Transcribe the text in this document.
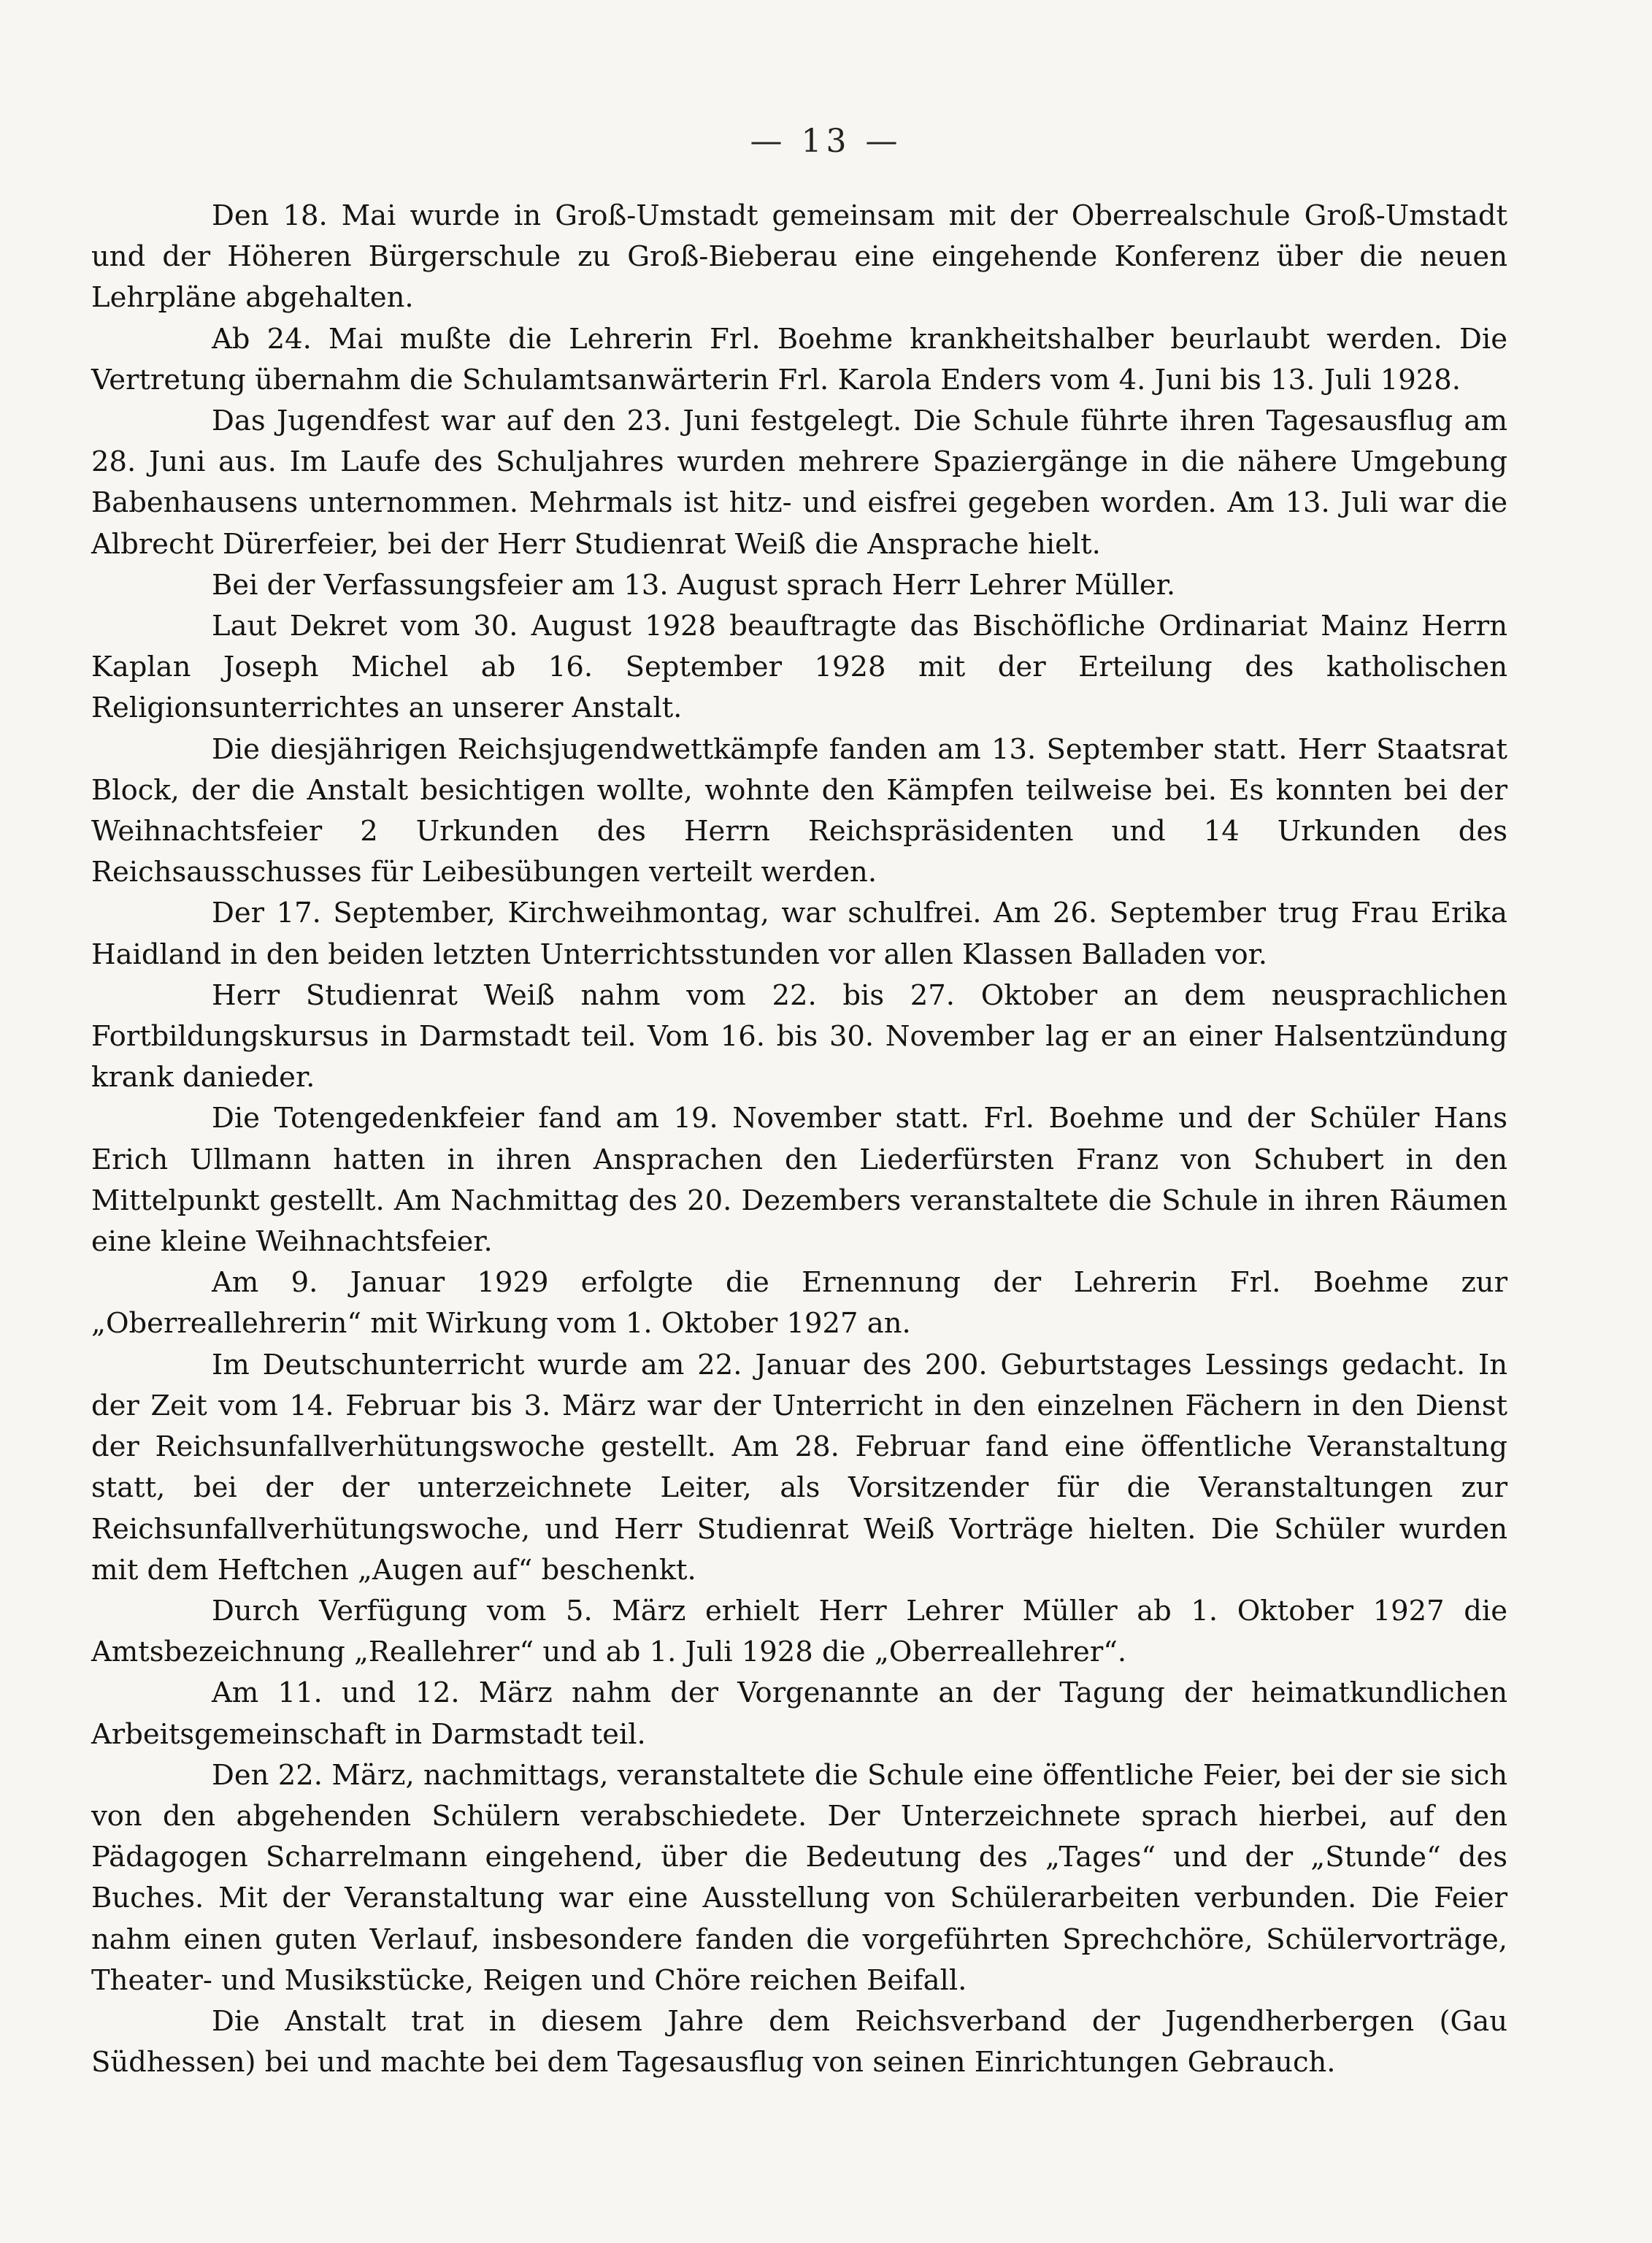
— 13 —

Den 18. Mai wurde in Groß-Umstadt gemeinsam mit der Oberrealschule Groß-Umstadt und der Höheren Bürgerschule zu Groß-Bieberau eine eingehende Konferenz über die neuen Lehrpläne abgehalten.

Ab 24. Mai mußte die Lehrerin Frl. Boehme krankheitshalber beurlaubt werden. Die Vertretung übernahm die Schulamtsanwärterin Frl. Karola Enders vom 4. Juni bis 13. Juli 1928.

Das Jugendfest war auf den 23. Juni festgelegt. Die Schule führte ihren Tagesausflug am 28. Juni aus. Im Laufe des Schuljahres wurden mehrere Spaziergänge in die nähere Umgebung Babenhausens unternommen. Mehrmals ist hitz- und eisfrei gegeben worden. Am 13. Juli war die Albrecht Dürerfeier, bei der Herr Studienrat Weiß die Ansprache hielt.

Bei der Verfassungsfeier am 13. August sprach Herr Lehrer Müller.

Laut Dekret vom 30. August 1928 beauftragte das Bischöfliche Ordinariat Mainz Herrn Kaplan Joseph Michel ab 16. September 1928 mit der Erteilung des katholischen Religionsunterrichtes an unserer Anstalt.

Die diesjährigen Reichsjugendwettkämpfe fanden am 13. September statt. Herr Staatsrat Block, der die Anstalt besichtigen wollte, wohnte den Kämpfen teilweise bei. Es konnten bei der Weihnachtsfeier 2 Urkunden des Herrn Reichspräsidenten und 14 Urkunden des Reichsausschusses für Leibesübungen verteilt werden.

Der 17. September, Kirchweihmontag, war schulfrei. Am 26. September trug Frau Erika Haidland in den beiden letzten Unterrichtsstunden vor allen Klassen Balladen vor.

Herr Studienrat Weiß nahm vom 22. bis 27. Oktober an dem neusprachlichen Fortbildungskursus in Darmstadt teil. Vom 16. bis 30. November lag er an einer Halsentzündung krank danieder.

Die Totengedenkfeier fand am 19. November statt. Frl. Boehme und der Schüler Hans Erich Ullmann hatten in ihren Ansprachen den Liederfürsten Franz von Schubert in den Mittelpunkt gestellt. Am Nachmittag des 20. Dezembers veranstaltete die Schule in ihren Räumen eine kleine Weihnachtsfeier.

Am 9. Januar 1929 erfolgte die Ernennung der Lehrerin Frl. Boehme zur „Oberreallehrerin“ mit Wirkung vom 1. Oktober 1927 an.

Im Deutschunterricht wurde am 22. Januar des 200. Geburtstages Lessings gedacht. In der Zeit vom 14. Februar bis 3. März war der Unterricht in den einzelnen Fächern in den Dienst der Reichsunfallverhütungswoche gestellt. Am 28. Februar fand eine öffentliche Veranstaltung statt, bei der der unterzeichnete Leiter, als Vorsitzender für die Veranstaltungen zur Reichsunfallverhütungswoche, und Herr Studienrat Weiß Vorträge hielten. Die Schüler wurden mit dem Heftchen „Augen auf“ beschenkt.

Durch Verfügung vom 5. März erhielt Herr Lehrer Müller ab 1. Oktober 1927 die Amtsbezeichnung „Reallehrer“ und ab 1. Juli 1928 die „Oberreallehrer“.

Am 11. und 12. März nahm der Vorgenannte an der Tagung der heimatkundlichen Arbeitsgemeinschaft in Darmstadt teil.

Den 22. März, nachmittags, veranstaltete die Schule eine öffentliche Feier, bei der sie sich von den abgehenden Schülern verabschiedete. Der Unterzeichnete sprach hierbei, auf den Pädagogen Scharrelmann eingehend, über die Bedeutung des „Tages“ und der „Stunde“ des Buches. Mit der Veranstaltung war eine Ausstellung von Schülerarbeiten verbunden. Die Feier nahm einen guten Verlauf, insbesondere fanden die vorgeführten Sprechchöre, Schülervorträge, Theater- und Musikstücke, Reigen und Chöre reichen Beifall.

Die Anstalt trat in diesem Jahre dem Reichsverband der Jugendherbergen (Gau Südhessen) bei und machte bei dem Tagesausflug von seinen Einrichtungen Gebrauch.
